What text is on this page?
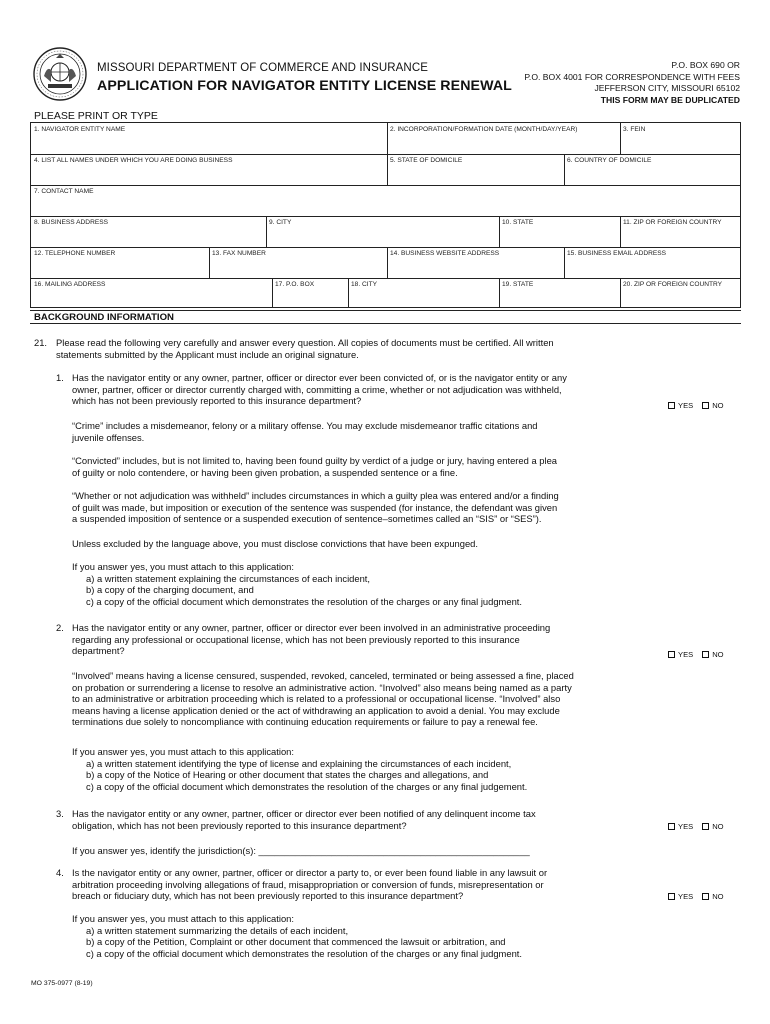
MISSOURI DEPARTMENT OF COMMERCE AND INSURANCE
APPLICATION FOR NAVIGATOR ENTITY LICENSE RENEWAL
P.O. BOX 690 OR
P.O. BOX 4001 FOR CORRESPONDENCE WITH FEES
JEFFERSON CITY, MISSOURI 65102
THIS FORM MAY BE DUPLICATED
PLEASE PRINT OR TYPE
1. NAVIGATOR ENTITY NAME	2. INCORPORATION/FORMATION DATE (MONTH/DAY/YEAR)	3. FEIN
4. LIST ALL NAMES UNDER WHICH YOU ARE DOING BUSINESS	5. STATE OF DOMICILE	6. COUNTRY OF DOMICILE
7. CONTACT NAME
8. BUSINESS ADDRESS	9. CITY	10. STATE	11. ZIP OR FOREIGN COUNTRY
12. TELEPHONE NUMBER	13. FAX NUMBER	14. BUSINESS WEBSITE ADDRESS	15. BUSINESS EMAIL ADDRESS
16. MAILING ADDRESS	17. P.O. BOX	18. CITY	19. STATE	20. ZIP OR FOREIGN COUNTRY
BACKGROUND INFORMATION
21. Please read the following very carefully and answer every question. All copies of documents must be certified. All written
statements submitted by the Applicant must include an original signature.
1. Has the navigator entity or any owner, partner, officer or director ever been convicted of, or is the navigator entity or any
owner, partner, officer or director currently charged with, committing a crime, whether or not adjudication was withheld,
which has not been previously reported to this insurance department?	YES	NO
“Crime” includes a misdemeanor, felony or a military offense. You may exclude misdemeanor traffic citations and
juvenile offenses.
“Convicted” includes, but is not limited to, having been found guilty by verdict of a judge or jury, having entered a plea
of guilty or nolo contendere, or having been given probation, a suspended sentence or a fine.
“Whether or not adjudication was withheld” includes circumstances in which a guilty plea was entered and/or a finding
of guilt was made, but imposition or execution of the sentence was suspended (for instance, the defendant was given
a suspended imposition of sentence or a suspended execution of sentence–sometimes called an “SIS” or “SES”).
Unless excluded by the language above, you must disclose convictions that have been expunged.
If you answer yes, you must attach to this application:
a) a written statement explaining the circumstances of each incident,
b) a copy of the charging document, and
c) a copy of the official document which demonstrates the resolution of the charges or any final judgment.
2. Has the navigator entity or any owner, partner, officer or director ever been involved in an administrative proceeding
regarding any professional or occupational license, which has not been previously reported to this insurance
department?	YES	NO
“Involved” means having a license censured, suspended, revoked, canceled, terminated or being assessed a fine, placed
on probation or surrendering a license to resolve an administrative action. “Involved” also means being named as a party
to an administrative or arbitration proceeding which is related to a professional or occupational license. “Involved” also
means having a license application denied or the act of withdrawing an application to avoid a denial. You may exclude
terminations due solely to noncompliance with continuing education requirements or failure to pay a renewal fee.
If you answer yes, you must attach to this application:
a) a written statement identifying the type of license and explaining the circumstances of each incident,
b) a copy of the Notice of Hearing or other document that states the charges and allegations, and
c) a copy of the official document which demonstrates the resolution of the charges or any final judgement.
3. Has the navigator entity or any owner, partner, officer or director ever been notified of any delinquent income tax
obligation, which has not been previously reported to this insurance department?	YES	NO
If you answer yes, identify the jurisdiction(s): ____________________________________________________
4. Is the navigator entity or any owner, partner, officer or director a party to, or ever been found liable in any lawsuit or
arbitration proceeding involving allegations of fraud, misappropriation or conversion of funds, misrepresentation or
breach or fiduciary duty, which has not been previously reported to this insurance department?	YES	NO
If you answer yes, you must attach to this application:
a) a written statement summarizing the details of each incident,
b) a copy of the Petition, Complaint or other document that commenced the lawsuit or arbitration, and
c) a copy of the official document which demonstrates the resolution of the charges or any final judgment.
MO 375-0977 (8-19)
